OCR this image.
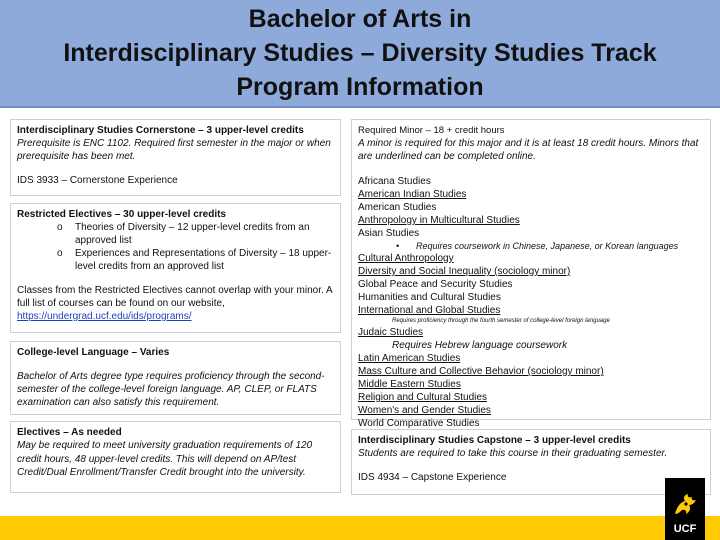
Bachelor of Arts in
Interdisciplinary Studies – Diversity Studies Track
Program Information

Interdisciplinary Studies Cornerstone – 3 upper-level credits

Prerequisite is ENC 1102. Required first semester in the major or when prerequisite has been met.

IDS 3933 – Cornerstone Experience

Restricted Electives – 30 upper-level credits

o	Theories of Diversity – 12 upper-level credits from an approved list
o	Experiences and Representations of Diversity – 18 upper-level credits from an approved list

Classes from the Restricted Electives cannot overlap with your minor. A full list of courses can be found on our website, https://undergrad.ucf.edu/ids/programs/

College-level Language – Varies

Bachelor of Arts degree type requires proficiency through the second-semester of the college-level foreign language. AP, CLEP, or FLATS examination can also satisfy this requirement.

Electives – As needed

May be required to meet university graduation requirements of 120 credit hours, 48 upper-level credits. This will depend on AP/test Credit/Dual Enrollment/Transfer Credit brought into the university.

Required Minor – 18 + credit hours

A minor is required for this major and it is at least 18 credit hours. Minors that are underlined can be completed online.

Africana Studies

American Indian Studies

American Studies

Anthropology in Multicultural Studies

Asian Studies

•	Requires coursework in Chinese, Japanese, or Korean languages

Cultural Anthropology

Diversity and Social Inequality (sociology minor)

Global Peace and Security Studies

Humanities and Cultural Studies

International and Global Studies

Requires proficiency through the fourth semester of college-level foreign language

Judaic Studies

Requires Hebrew language coursework

Latin American Studies

Mass Culture and Collective Behavior (sociology minor)

Middle Eastern Studies

Religion and Cultural Studies

Women's and Gender Studies

World Comparative Studies

Interdisciplinary Studies Capstone – 3 upper-level credits

Students are required to take this course in their graduating semester.

IDS 4934 – Capstone Experience

UCF
